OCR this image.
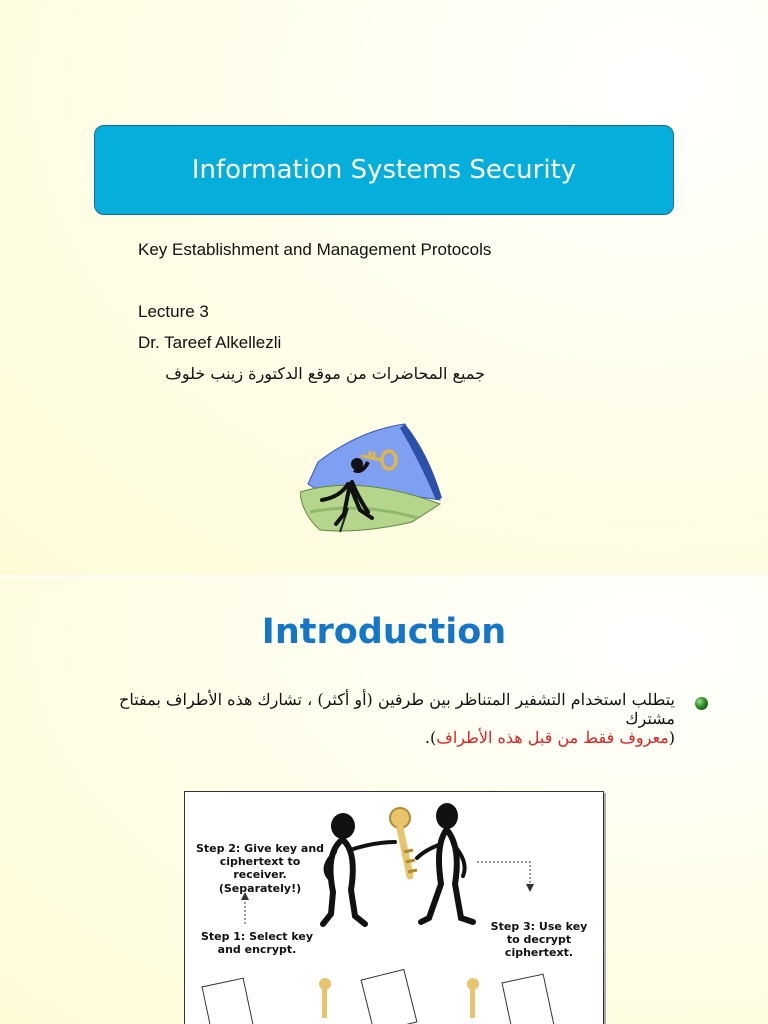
Information Systems Security
Key Establishment and Management Protocols
Lecture 3
Dr. Tareef Alkellezli
جميع المحاضرات من موقع الدكتورة زينب خلوف
Introduction
يتطلب استخدام التشفير المتناظر بين طرفين (أو أكثر) ، تشارك هذه الأطراف بمفتاح مشترك
(معروف فقط من قبل هذه الأطراف).
Step 2: Give key and
ciphertext to receiver.
(Separately!)
Step 1: Select key
and encrypt.
Step 3: Use key
to decrypt
ciphertext.
